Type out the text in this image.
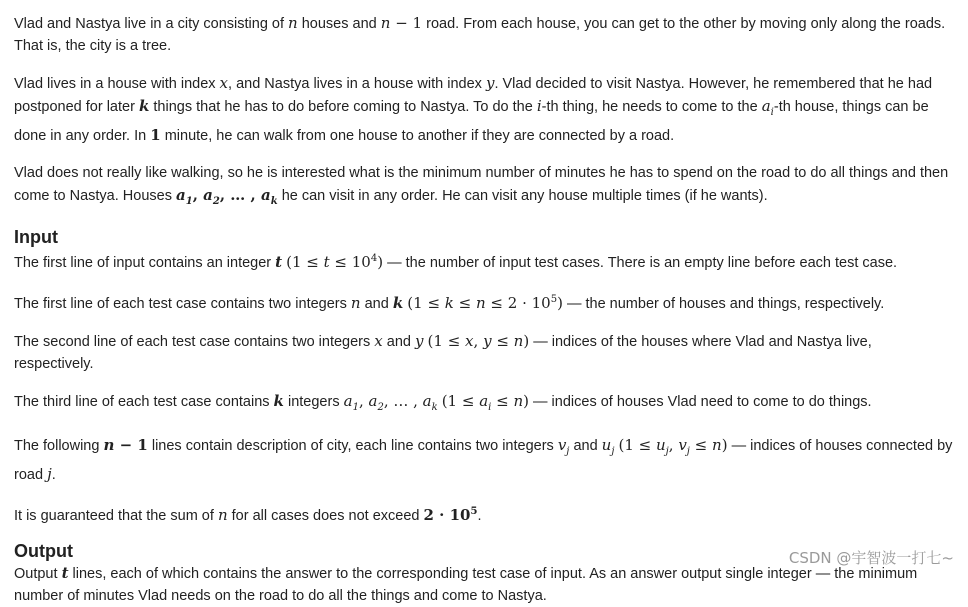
Vlad and Nastya live in a city consisting of n houses and n − 1 road. From each house, you can get to the other by moving only along the roads. That is, the city is a tree.

Vlad lives in a house with index x, and Nastya lives in a house with index y. Vlad decided to visit Nastya. However, he remembered that he had postponed for later k things that he has to do before coming to Nastya. To do the i-th thing, he needs to come to the $a_i-th$ house, things can be done in any order. In 1 minute, he can walk from one house to another if they are connected by a road.

Vlad does not really like walking, so he is interested what is the minimum number of minutes he has to spend on the road to do all things and then come to Nastya. Houses $a_1$, $a_2$, … , $a_k$ he can visit in any order. He can visit any house multiple times (if he wants).

Input

The first line of input contains an integer t $(1 \le t \le 10^4)$ — the number of input test cases. There is an empty line before each test case.

The first line of each test case contains two integers n and k $(1 \le k \le n \le 2 \cdot 10^5)$ — the number of houses and things, respectively.

The second line of each test case contains two integers x and y (1 ≤ x, y ≤ n) — indices of the houses where Vlad and Nastya live, respectively.

The third line of each test case contains k integers $a_1$, $a_2$, … , $a_k$ $(1 \le a_i \le n)$ — indices of houses Vlad need to come to do things.

The following n − 1 lines contain description of city, each line contains two integers $v_j$ and $u_j$ ($1 \le u_j$, $v_j \le n$) — indices of houses connected by road j.

It is guaranteed that the sum of n for all cases does not exceed $2 \cdot 10^5$.

Output

Output t lines, each of which contains the answer to the corresponding test case of input. As an answer output single integer — the minimum number of minutes Vlad needs on the road to do all the things and come to Nastya.

CSDN @宇智波一打七~
